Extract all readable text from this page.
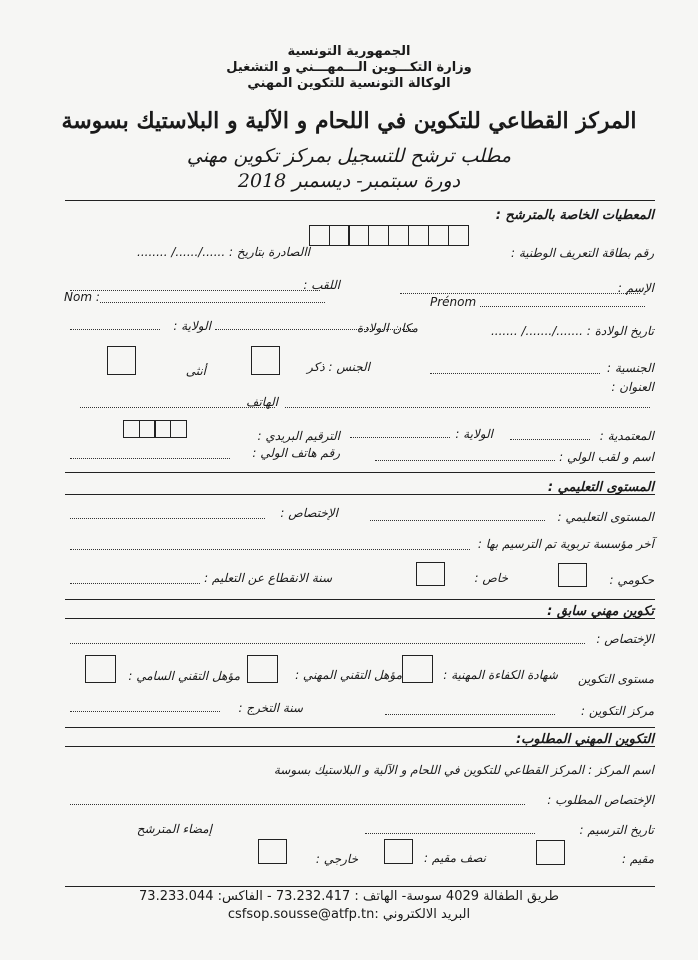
الجمهورية التونسية
وزارة التكـــوين الـــمهـــني و التشغيل
الوكالة التونسية للتكوين المهني
المركز القطاعي للتكوين في اللحام و الآلية و البلاستيك بسوسة
مطلب ترشح للتسجيل بمركز تكوين مهني
دورة سبتمبر- ديسمبر 2018
المعطيات الخاصة بالمترشح :
رقم بطاقة التعريف الوطنية :
االصادرة بتاريخ : ....../....../ ........
الإسم :
اللقب :
Prénom
Nom :
تاريخ الولادة : ......./......./ .......
مكان الولادة
الولاية :
أنثى	الجنس : ذكر	الجنسية :
العنوان :
الهاتف
المعتمدية :
الولاية :
الترقيم البريدي :
اسم و لقب الولي :
رقم هاتف الولي :
المستوى التعليمي :
المستوى التعليمي :
الإختصاص :
آخر مؤسسة تربوية تم الترسيم بها :
حكومي :
خاص :
سنة الانقطاع عن التعليم :
تكوين مهني سابق :
الإختصاص :
مستوى التكوين
شهادة الكفاءة المهنية :
مؤهل التقني المهني :
مؤهل التقني السامي :
مركز التكوين :
سنة التخرج :
التكوين المهني المطلوب:
اسم المركز : المركز القطاعي للتكوين في اللحام و الآلية و البلاستيك بسوسة
الإختصاص المطلوب :
تاريخ الترسيم :
إمضاء المترشح
مقيم :
نصف مقيم :
خارجي :
طريق الطفالة 4029 سوسة- الهاتف : 73.232.417 - الفاكس: 73.233.044
البريد الالكتروني :csfsop.sousse@atfp.tn
